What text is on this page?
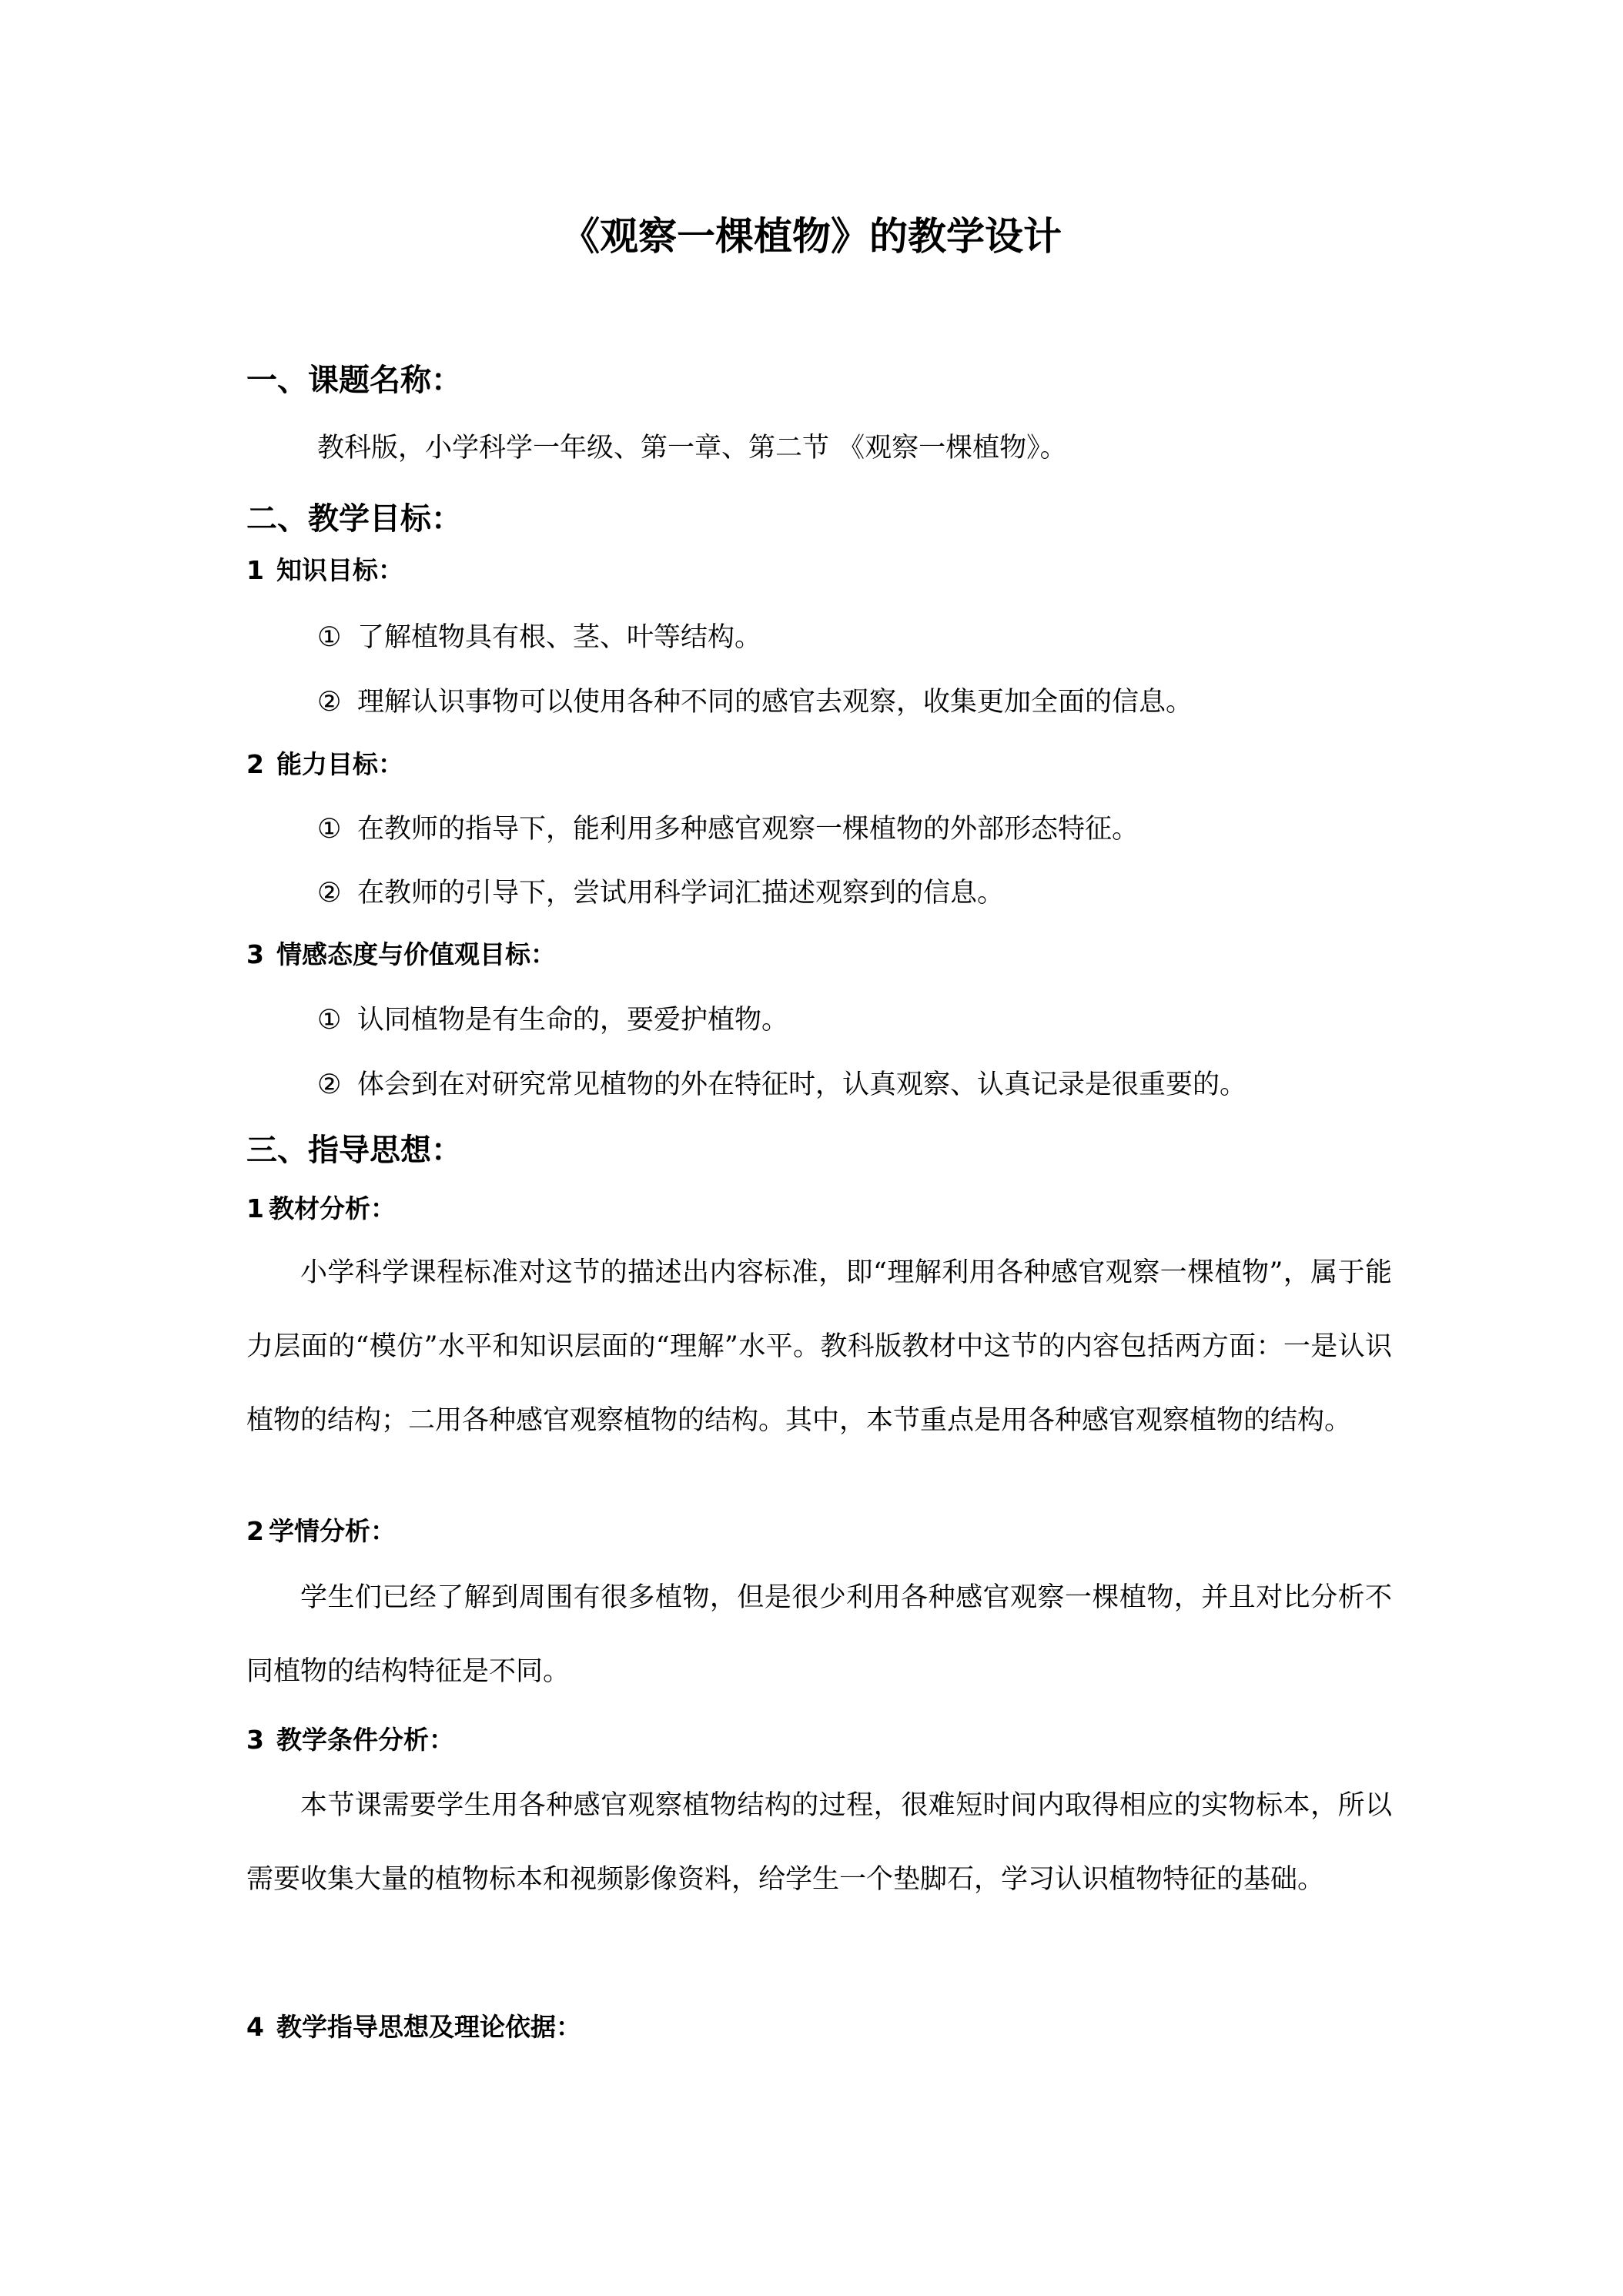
《观察一棵植物》的教学设计
一、课题名称：
教科版，小学科学一年级、第一章、第二节 《观察一棵植物》。
二、教学目标：
1 知识目标：
① 了解植物具有根、茎、叶等结构。
② 理解认识事物可以使用各种不同的感官去观察，收集更加全面的信息。
2 能力目标：
① 在教师的指导下，能利用多种感官观察一棵植物的外部形态特征。
② 在教师的引导下，尝试用科学词汇描述观察到的信息。
3 情感态度与价值观目标：
① 认同植物是有生命的，要爱护植物。
② 体会到在对研究常见植物的外在特征时，认真观察、认真记录是很重要的。
三、指导思想：
1 教材分析：
小学科学课程标准对这节的描述出内容标准，即“理解利用各种感官观察一棵植物”，属于能力层面的“模仿”水平和知识层面的“理解”水平。教科版教材中这节的内容包括两方面：一是认识植物的结构；二用各种感官观察植物的结构。其中，本节重点是用各种感官观察植物的结构。
2 学情分析：
学生们已经了解到周围有很多植物，但是很少利用各种感官观察一棵植物，并且对比分析不同植物的结构特征是不同。
3 教学条件分析：
本节课需要学生用各种感官观察植物结构的过程，很难短时间内取得相应的实物标本，所以需要收集大量的植物标本和视频影像资料，给学生一个垫脚石，学习认识植物特征的基础。
4 教学指导思想及理论依据：
